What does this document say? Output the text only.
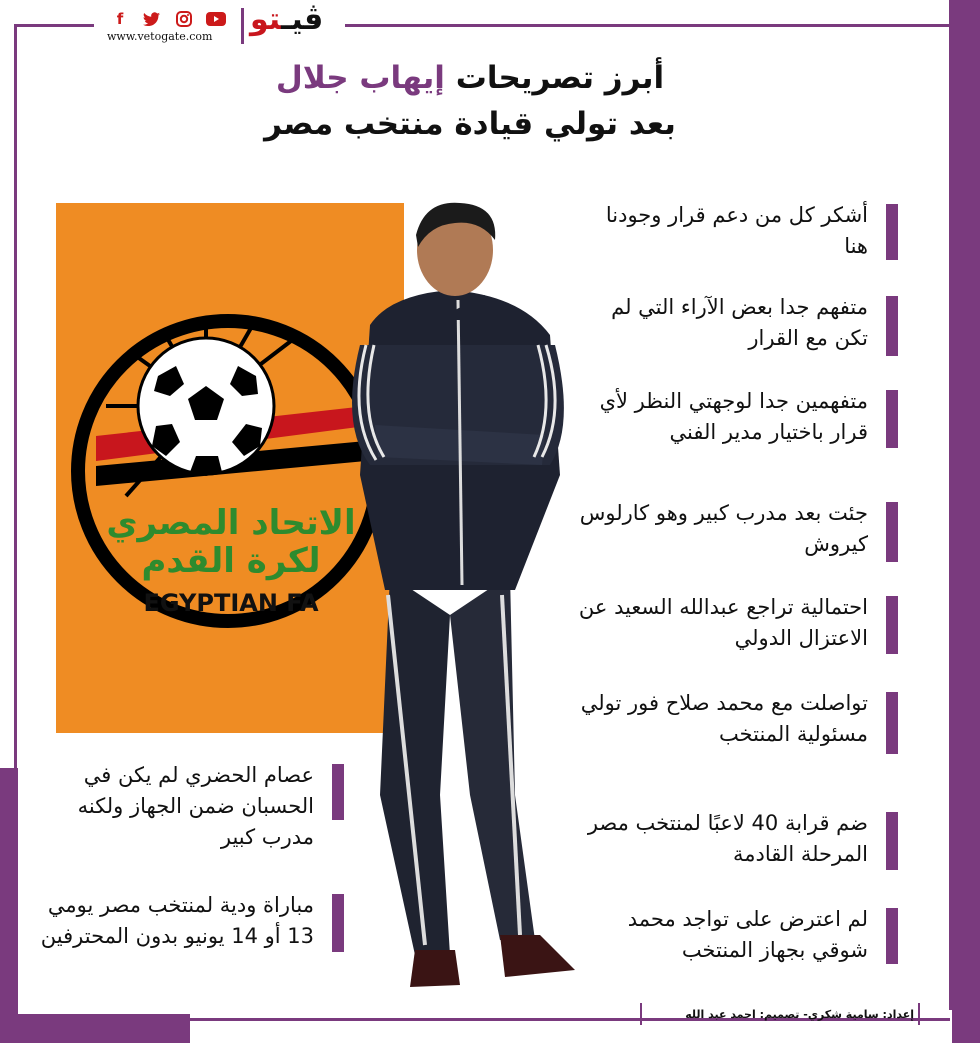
f
www.vetogate.com	ڤيـتو
أبرز تصريحات إيهاب جلال
بعد تولي قيادة منتخب مصر
الاتحاد المصري
لكرة القدم
EGYPTIAN FA
أشكر كل من دعم قرار وجودنا هنا
متفهم جدا بعض الآراء التي لم تكن مع القرار
متفهمين جدا لوجهتي النظر لأي قرار باختيار مدير الفني
جئت بعد مدرب كبير وهو كارلوس كيروش
احتمالية تراجع عبدالله السعيد عن الاعتزال الدولي
تواصلت مع محمد صلاح فور تولي مسئولية المنتخب
ضم قرابة 40 لاعبًا لمنتخب مصر المرحلة القادمة
لم اعترض على تواجد محمد شوقي بجهاز المنتخب
عصام الحضري لم يكن في الحسبان ضمن الجهاز ولكنه مدرب كبير
مباراة ودية لمنتخب مصر يومي 13 أو 14 يونيو بدون المحترفين
إعداد: سامية شكري- تصميم: احمد عبد الله
